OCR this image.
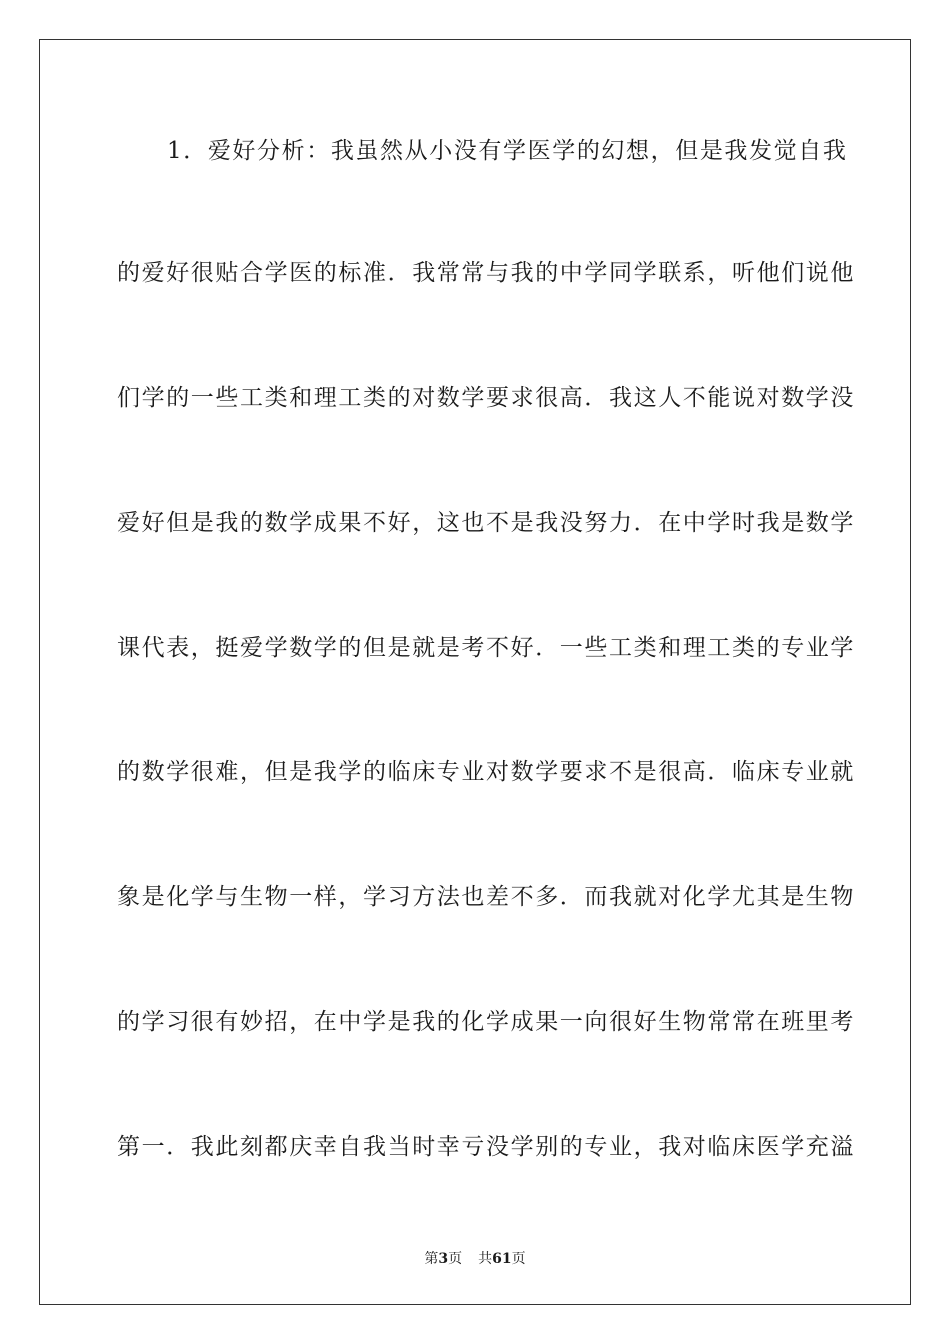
1．爱好分析：我虽然从小没有学医学的幻想，但是我发觉自我
的爱好很贴合学医的标准．我常常与我的中学同学联系，听他们说他
们学的一些工类和理工类的对数学要求很高．我这人不能说对数学没
爱好但是我的数学成果不好，这也不是我没努力．在中学时我是数学
课代表，挺爱学数学的但是就是考不好．一些工类和理工类的专业学
的数学很难，但是我学的临床专业对数学要求不是很高．临床专业就
象是化学与生物一样，学习方法也差不多．而我就对化学尤其是生物
的学习很有妙招，在中学是我的化学成果一向很好生物常常在班里考
第一．我此刻都庆幸自我当时幸亏没学别的专业，我对临床医学充溢
第3页 共61页
